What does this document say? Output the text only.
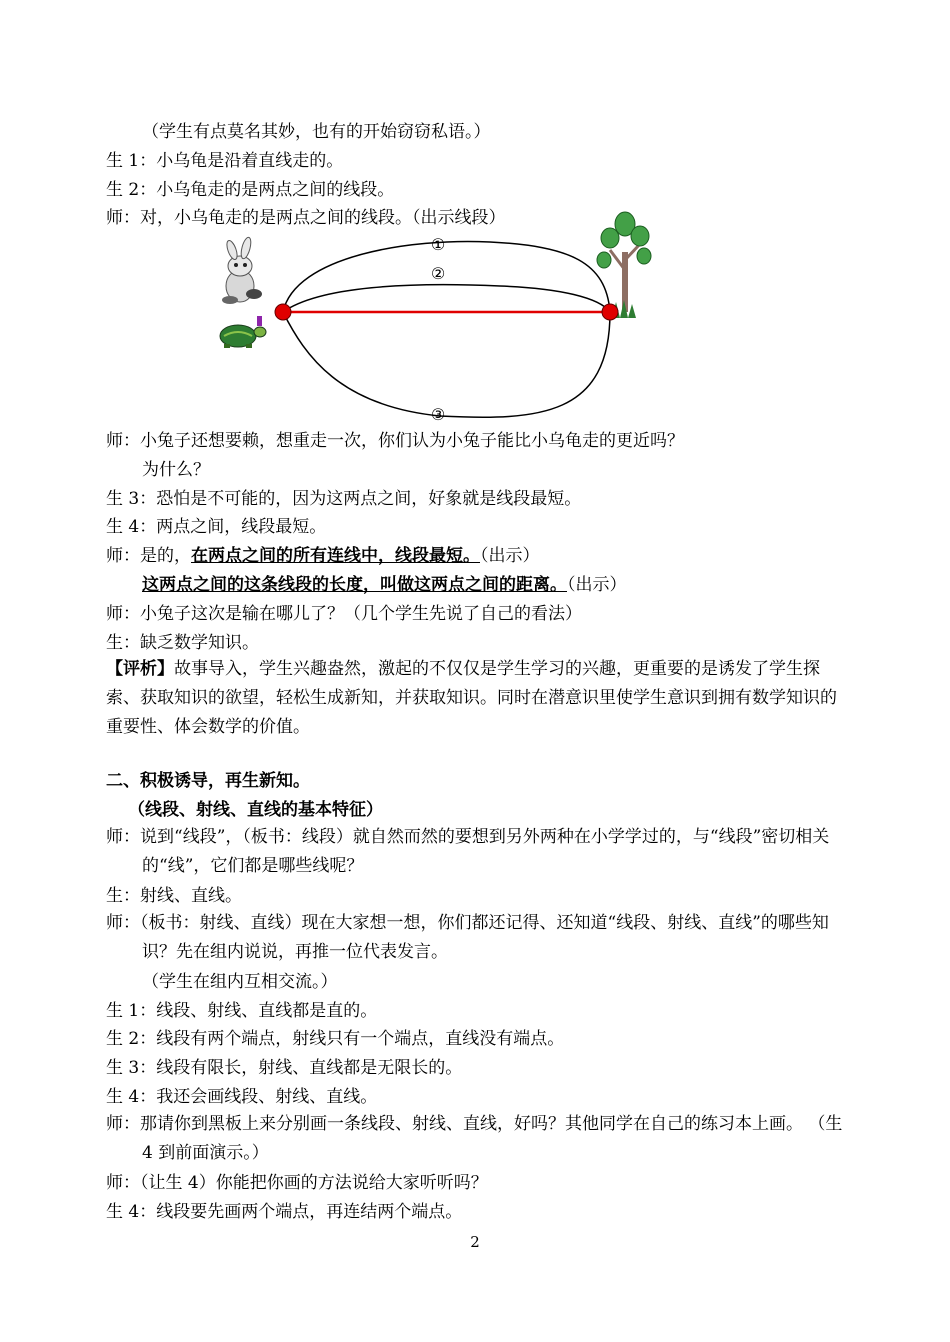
（学生有点莫名其妙，也有的开始窃窃私语。）
生 1：小乌龟是沿着直线走的。
生 2：小乌龟走的是两点之间的线段。
师：对，小乌龟走的是两点之间的线段。（出示线段）
①
②
③
师：小兔子还想要赖，想重走一次，你们认为小兔子能比小乌龟走的更近吗？
为什么？
生 3：恐怕是不可能的，因为这两点之间，好象就是线段最短。
生 4：两点之间，线段最短。
师：是的，在两点之间的所有连线中，线段最短。（出示）
这两点之间的这条线段的长度，叫做这两点之间的距离。（出示）
师：小兔子这次是输在哪儿了？（几个学生先说了自己的看法）
生：缺乏数学知识。
【评析】故事导入，学生兴趣盎然，激起的不仅仅是学生学习的兴趣，更重要的是诱发了学生探索、获取知识的欲望，轻松生成新知，并获取知识。同时在潜意识里使学生意识到拥有数学知识的重要性、体会数学的价值。
二、积极诱导，再生新知。
（线段、射线、直线的基本特征）
师：说到“线段”，（板书：线段）就自然而然的要想到另外两种在小学学过的，与“线段”密切相关的“线”，它们都是哪些线呢？
生：射线、直线。
师：（板书：射线、直线）现在大家想一想，你们都还记得、还知道“线段、射线、直线”的哪些知识？先在组内说说，再推一位代表发言。
（学生在组内互相交流。）
生 1：线段、射线、直线都是直的。
生 2：线段有两个端点，射线只有一个端点，直线没有端点。
生 3：线段有限长，射线、直线都是无限长的。
生 4：我还会画线段、射线、直线。
师：那请你到黑板上来分别画一条线段、射线、直线，好吗？其他同学在自己的练习本上画。 （生 4 到前面演示。）
师：（让生 4）你能把你画的方法说给大家听听吗？
生 4：线段要先画两个端点，再连结两个端点。
2
